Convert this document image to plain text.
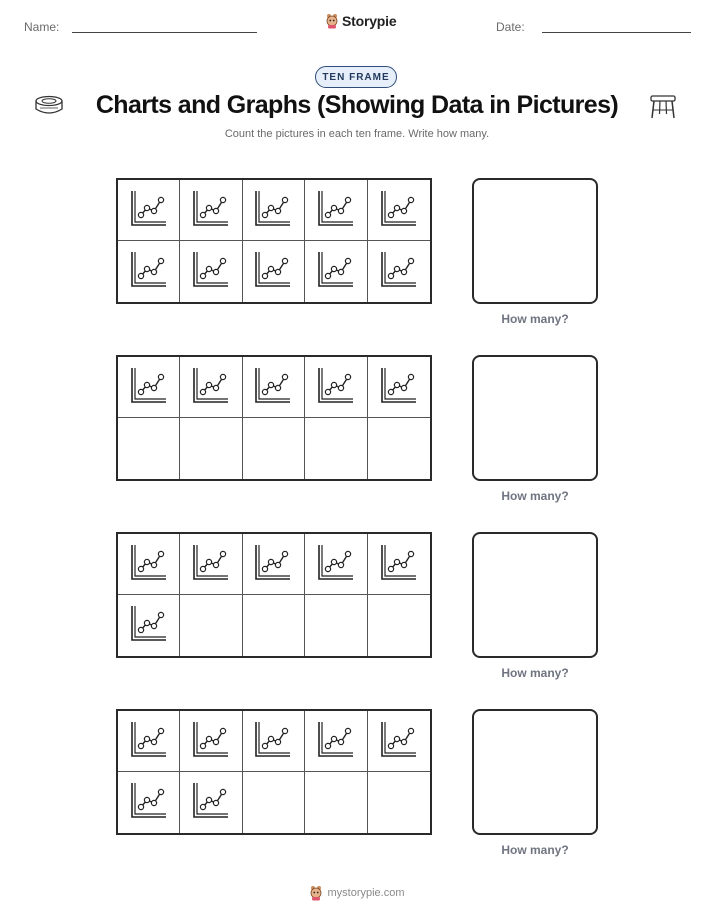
Name:	Storypie	Date:
TEN FRAME
Charts and Graphs (Showing Data in Pictures)
Count the pictures in each ten frame. Write how many.
How many?
How many?
How many?
How many?
mystorypie.com
